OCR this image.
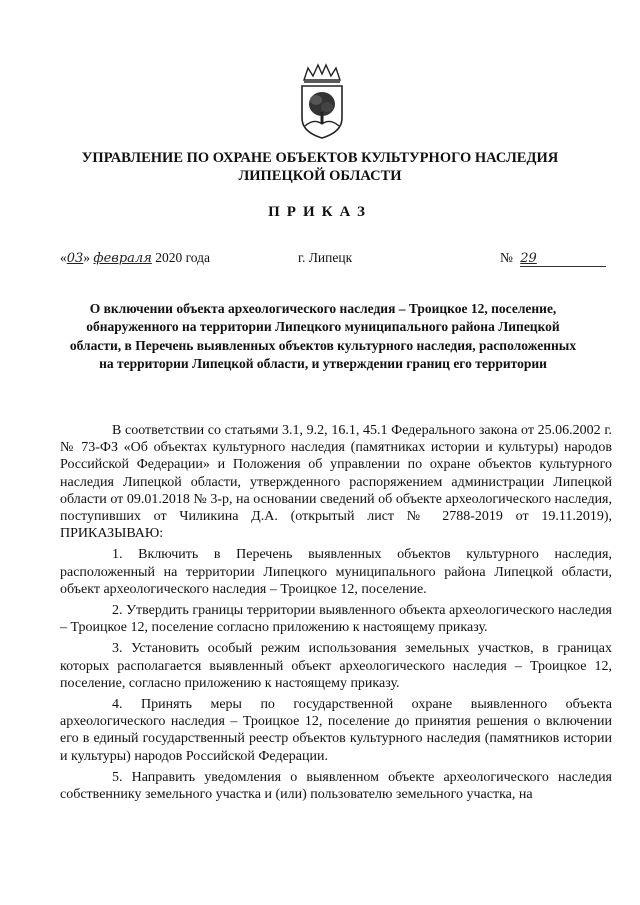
УПРАВЛЕНИЕ ПО ОХРАНЕ ОБЪЕКТОВ КУЛЬТУРНОГО НАСЛЕДИЯ
ЛИПЕЦКОЙ ОБЛАСТИ
ПРИКАЗ
«03» февраля 2020 года	г. Липецк	№ 29
О включении объекта археологического наследия – Троицкое 12, поселение, обнаруженного на территории Липецкого муниципального района Липецкой области, в Перечень выявленных объектов культурного наследия, расположенных на территории Липецкой области, и утверждении границ его территории

В соответствии со статьями 3.1, 9.2, 16.1, 45.1 Федерального закона от 25.06.2002 г. № 73-ФЗ «Об объектах культурного наследия (памятниках истории и культуры) народов Российской Федерации» и Положения об управлении по охране объектов культурного наследия Липецкой области, утвержденного распоряжением администрации Липецкой области от 09.01.2018 № 3-р, на основании сведений об объекте археологического наследия, поступивших от Чиликина Д.А. (открытый лист № 2788-2019 от 19.11.2019), ПРИКАЗЫВАЮ:

1. Включить в Перечень выявленных объектов культурного наследия, расположенный на территории Липецкого муниципального района Липецкой области, объект археологического наследия – Троицкое 12, поселение.

2. Утвердить границы территории выявленного объекта археологического наследия – Троицкое 12, поселение согласно приложению к настоящему приказу.

3. Установить особый режим использования земельных участков, в границах которых располагается выявленный объект археологического наследия – Троицкое 12, поселение, согласно приложению к настоящему приказу.

4. Принять меры по государственной охране выявленного объекта археологического наследия – Троицкое 12, поселение до принятия решения о включении его в единый государственный реестр объектов культурного наследия (памятников истории и культуры) народов Российской Федерации.

5. Направить уведомления о выявленном объекте археологического наследия собственнику земельного участка и (или) пользователю земельного участка, на
